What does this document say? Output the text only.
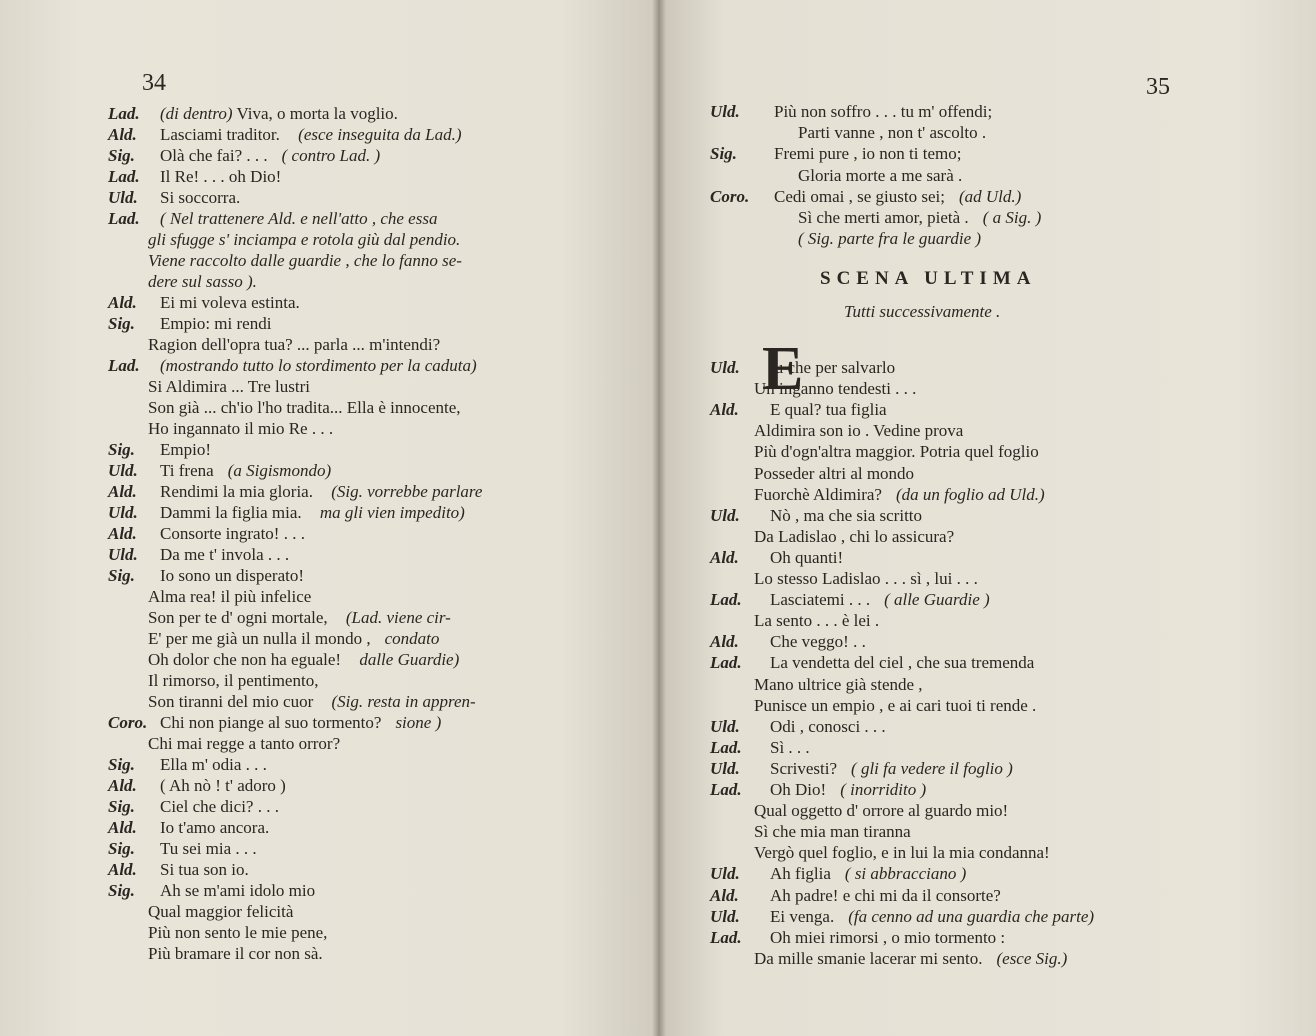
34
Lad. (di dentro) Viva, o morta la voglio.
Ald. Lasciami traditor. (esce inseguita da Lad.)
Sig. Olà che fai? . . . ( contro Lad. )
Lad. Il Re! . . . oh Dio!
Uld. Si soccorra.
Lad. ( Nel trattenere Ald. e nell'atto , che essa
gli sfugge s' inciampa e rotola giù dal pendio.
Viene raccolto dalle guardie , che lo fanno se-
dere sul sasso ).
Ald. Ei mi voleva estinta.
Sig. Empio: mi rendi
Ragion dell'opra tua? ... parla ... m'intendi?
Lad. (mostrando tutto lo stordimento per la caduta)
Si Aldimira ... Tre lustri
Son già ... ch'io l'ho tradita... Ella è innocente,
Ho ingannato il mio Re . . .
Sig. Empio!
Uld. Ti frena (a Sigismondo)
Ald. Rendimi la mia gloria. (Sig. vorrebbe parlare
Uld. Dammi la figlia mia. ma gli vien impedito)
Ald. Consorte ingrato! . . .
Uld. Da me t' invola . . .
Sig. Io sono un disperato!
Alma rea! il più infelice
Son per te d' ogni mortale, (Lad. viene cir-
E' per me già un nulla il mondo , condato
Oh dolor che non ha eguale! dalle Guardie)
Il rimorso, il pentimento,
Son tiranni del mio cuor (Sig. resta in appren-
Coro. Chi non piange al suo tormento? sione )
Chi mai regge a tanto orror?
Sig. Ella m' odia . . .
Ald. ( Ah nò ! t' adoro )
Sig. Ciel che dici? . . .
Ald. Io t'amo ancora.
Sig. Tu sei mia . . .
Ald. Si tua son io.
Sig. Ah se m'ami idolo mio
Qual maggior felicità
Più non sento le mie pene,
Più bramare il cor non sà.
35
Uld. Più non soffro . . . tu m' offendi;
Parti vanne , non t' ascolto .
Sig. Fremi pure , io non ti temo;
Gloria morte a me sarà .
Coro. Cedi omai , se giusto sei; (ad Uld.)
Sì che merti amor, pietà . ( a Sig. )
( Sig. parte fra le guardie )
SCENA ULTIMA
Tutti successivamente .
E
Uld. tu che per salvarlo
Un inganno tendesti . . .
Ald. E qual? tua figlia
Aldimira son io . Vedine prova
Più d'ogn'altra maggior. Potria quel foglio
Posseder altri al mondo
Fuorchè Aldimira? (da un foglio ad Uld.)
Uld. Nò , ma che sia scritto
Da Ladislao , chi lo assicura?
Ald. Oh quanti!
Lo stesso Ladislao . . . sì , lui . . .
Lad. Lasciatemi . . . ( alle Guardie )
La sento . . . è lei .
Ald. Che veggo! . .
Lad. La vendetta del ciel , che sua tremenda
Mano ultrice già stende ,
Punisce un empio , e ai cari tuoi ti rende .
Uld. Odi , conosci . . .
Lad. Sì . . .
Uld. Scrivesti? ( gli fa vedere il foglio )
Lad. Oh Dio! ( inorridito )
Qual oggetto d' orrore al guardo mio!
Sì che mia man tiranna
Vergò quel foglio, e in lui la mia condanna!
Uld. Ah figlia ( si abbracciano )
Ald. Ah padre! e chi mi da il consorte?
Uld. Ei venga. (fa cenno ad una guardia che parte)
Lad. Oh miei rimorsi , o mio tormento :
Da mille smanie lacerar mi sento. (esce Sig.)
